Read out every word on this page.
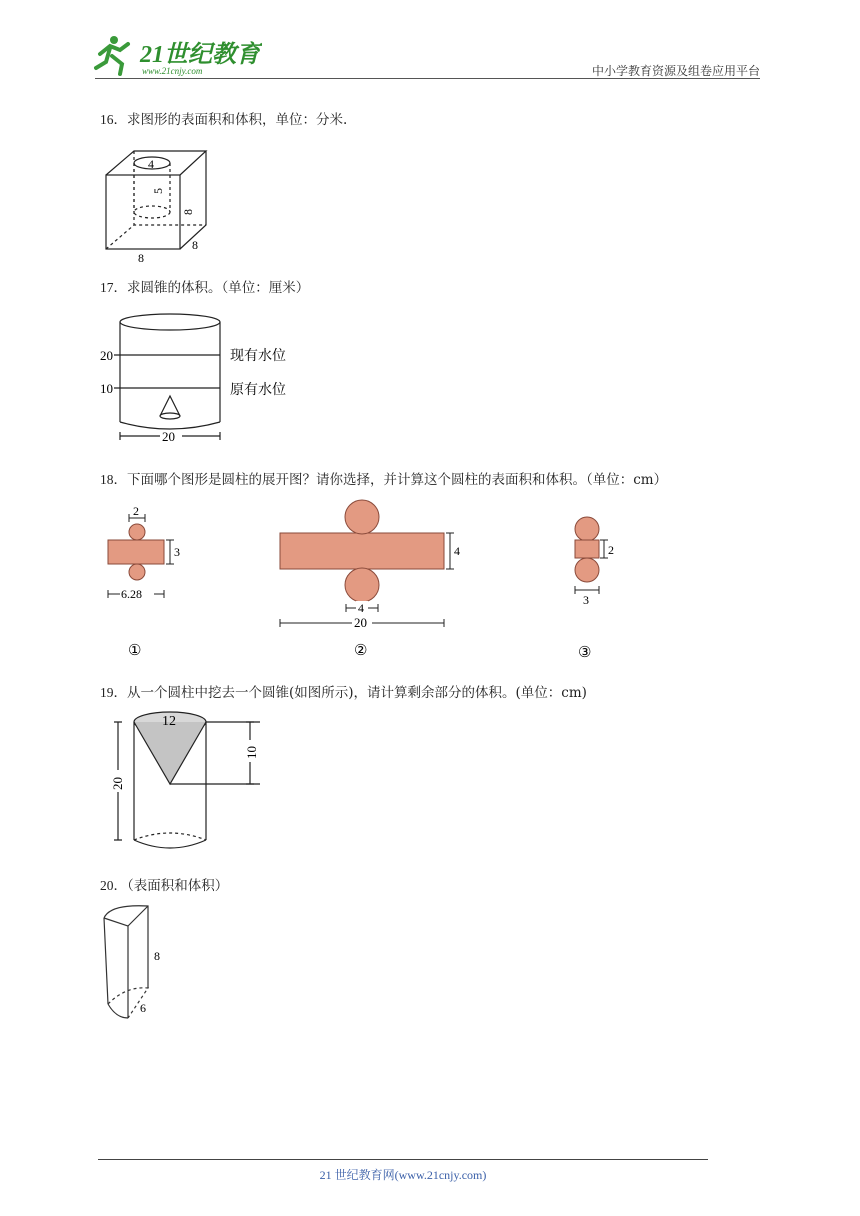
21世纪教育
www.21cnjy.com	中小学教育资源及组卷应用平台
16．求图形的表面积和体积，单位：分米.
4
5
8
8
8
17．求圆锥的体积。（单位：厘米）
20
10
现有水位
原有水位
20
18．下面哪个图形是圆柱的展开图？请你选择，并计算这个圆柱的表面积和体积。（单位：cm）
2
3
6.28
①
4
4
20
②
2
3
③
19．从一个圆柱中挖去一个圆锥(如图所示)，请计算剩余部分的体积。(单位：cm)
12
10
20
20．（表面积和体积）
8
6
21 世纪教育网(www.21cnjy.com)
